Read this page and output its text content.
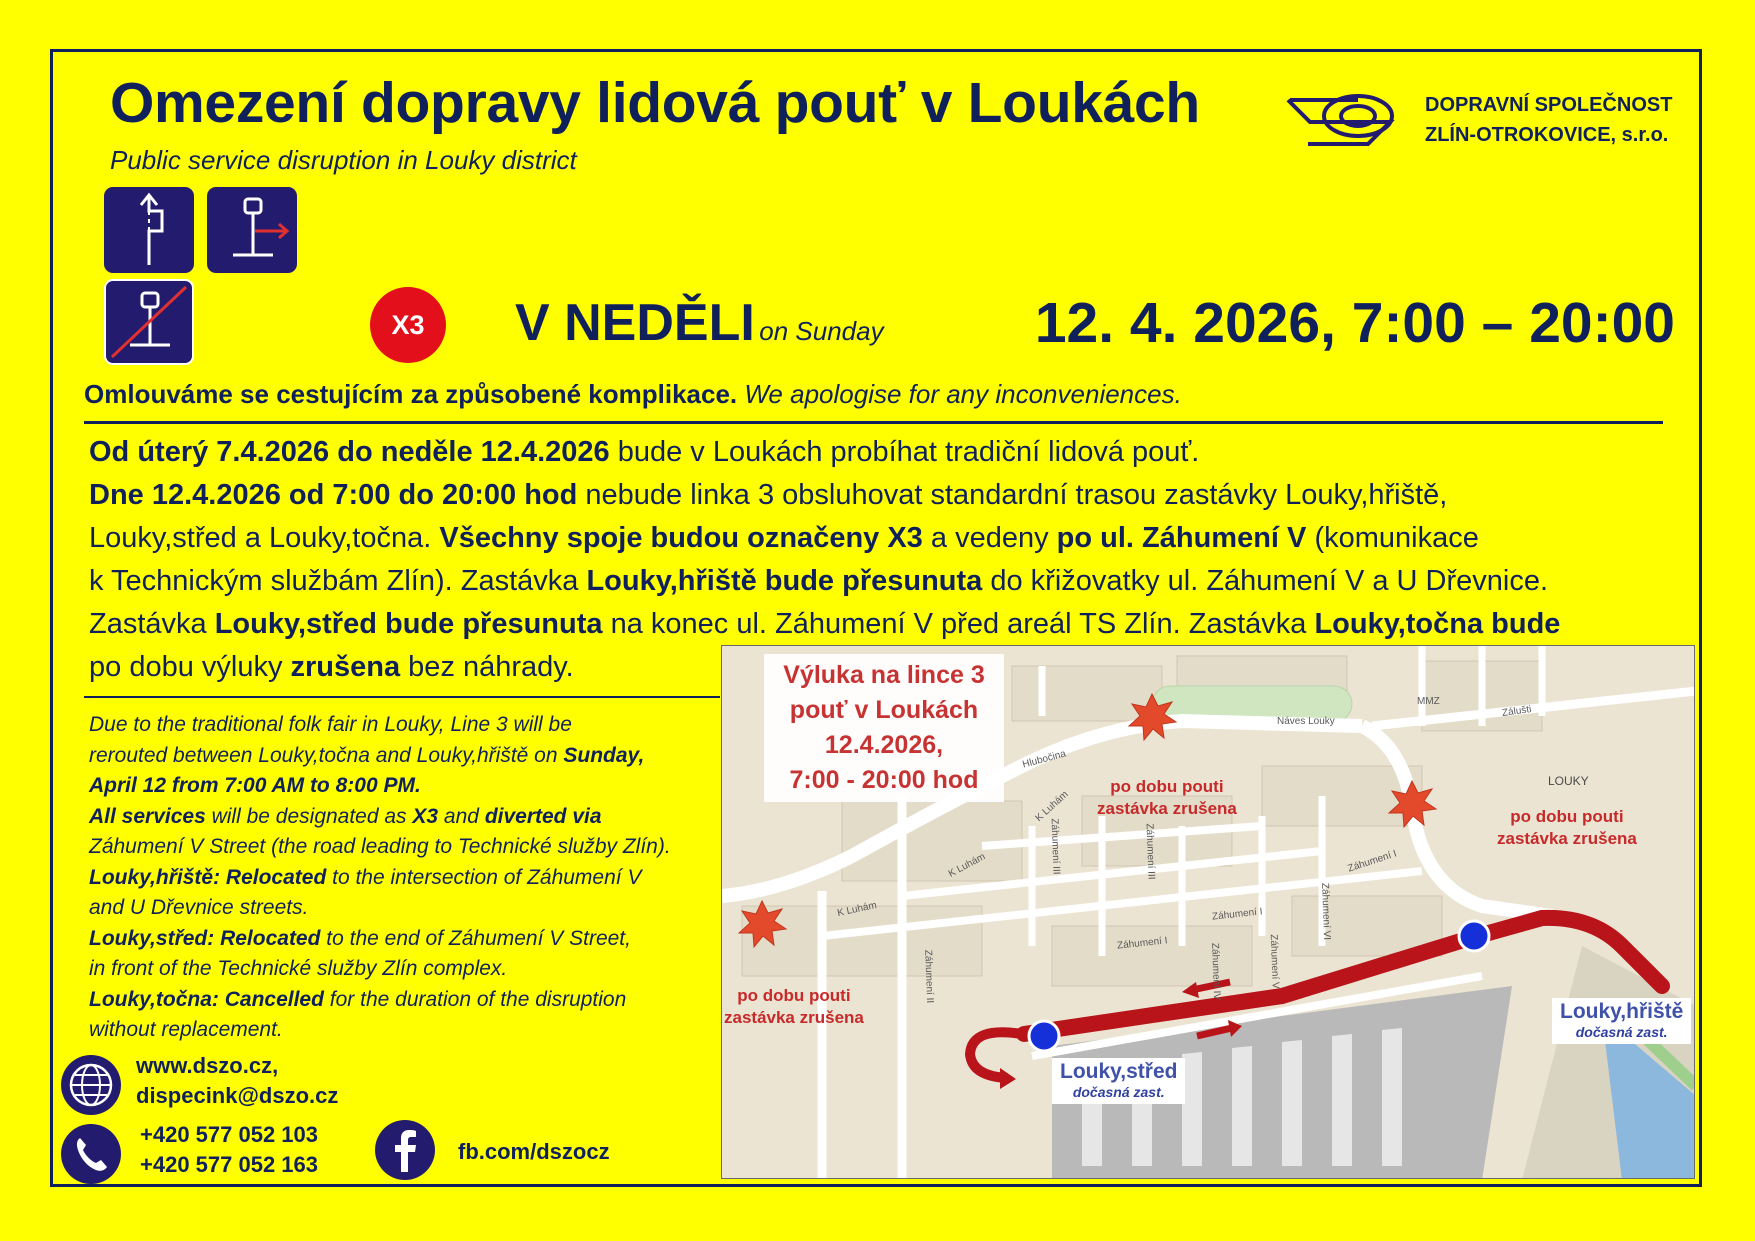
Omezení dopravy lidová pouť v Loukách
Public service disruption in Louky district
DOPRAVNÍ SPOLEČNOST
ZLÍN-OTROKOVICE, s.r.o.
X3	V NEDĚLI on Sunday	12. 4. 2026, 7:00 – 20:00
Omlouváme se cestujícím za způsobené komplikace. We apologise for any inconveniences.
Od úterý 7.4.2026 do neděle 12.4.2026 bude v Loukách probíhat tradiční lidová pouť.
Dne 12.4.2026 od 7:00 do 20:00 hod nebude linka 3 obsluhovat standardní trasou zastávky Louky,hřiště,
Louky,střed a Louky,točna. Všechny spoje budou označeny X3 a vedeny po ul. Záhumení V (komunikace
k Technickým službám Zlín). Zastávka Louky,hřiště bude přesunuta do křižovatky ul. Záhumení V a U Dřevnice.
Zastávka Louky,střed bude přesunuta na konec ul. Záhumení V před areál TS Zlín. Zastávka Louky,točna bude
po dobu výluky zrušena bez náhrady.
Due to the traditional folk fair in Louky, Line 3 will be
rerouted between Louky,točna and Louky,hřiště on Sunday,
April 12 from 7:00 AM to 8:00 PM.
All services will be designated as X3 and diverted via
Záhumení V Street (the road leading to Technické služby Zlín).
Louky,hřiště: Relocated to the intersection of Záhumení V
and U Dřevnice streets.
Louky,střed: Relocated to the end of Záhumení V Street,
in front of the Technické služby Zlín complex.
Louky,točna: Cancelled for the duration of the disruption
without replacement.
www.dszo.cz,
dispecink@dszo.cz
+420 577 052 103
+420 577 052 163
fb.com/dszocz
Výluka na lince 3
pouť v Loukách
12.4.2026,
7:00 - 20:00 hod	po dobu pouti
zastávka zrušena	po dobu pouti
zastávka zrušena
po dobu pouti
zastávka zrušena
Louky,střed
dočasná zast.
Louky,hřiště
dočasná zast.
LOUKY
Náves Louky
Hlubočina
K Luhám
K Luhám
K Luhám
Záhumení I
Záhumení I
Záhumení I
Záhumení II
Záhumení III
Záhumení IV	Záhumení V
Záhumení VI
Záhumení III
Zálušti
MMZ
